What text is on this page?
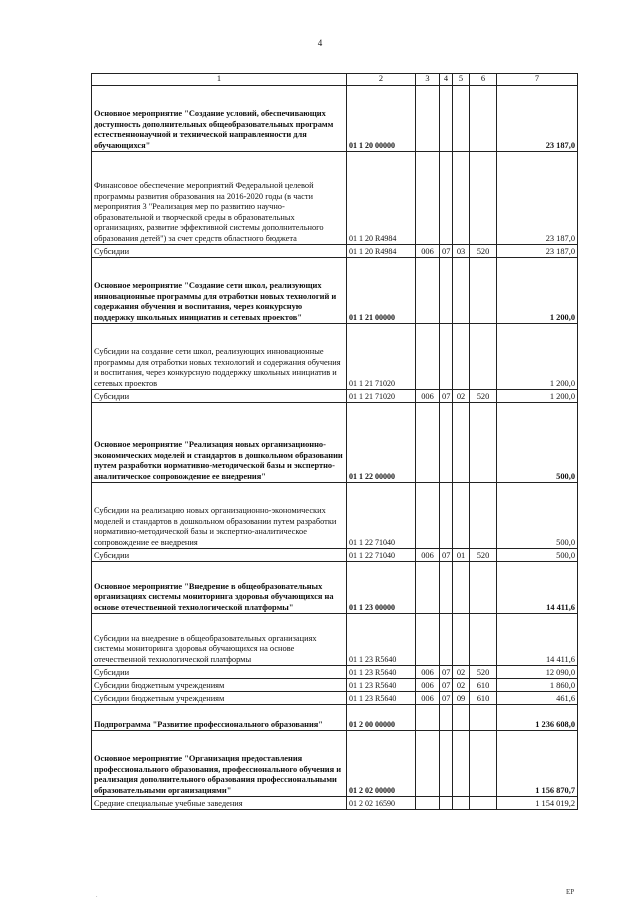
4
1	2	3	4	5	6	7
Основное мероприятие "Создание условий, обеспечивающих доступность дополнительных общеобразовательных программ естественнонаучной и технической направленности для обучающихся"	01 1 20 00000					23 187,0
Финансовое обеспечение мероприятий Федеральной целевой программы развития образования на 2016-2020 годы (в части мероприятия 3 "Реализация мер по развитию научно-образовательной и творческой среды в образовательных организациях, развитие эффективной системы дополнительного образования детей") за счет средств областного бюджета	01 1 20 R4984					23 187,0
Субсидии	01 1 20 R4984	006	07	03	520	23 187,0
Основное мероприятие "Создание сети школ, реализующих инновационные программы для отработки новых технологий и содержания обучения и воспитания, через конкурсную поддержку школьных инициатив и сетевых проектов"	01 1 21 00000					1 200,0
Субсидии на создание сети школ, реализующих инновационные программы для отработки новых технологий и содержания обучения и воспитания, через конкурсную поддержку школьных инициатив и сетевых проектов	01 1 21 71020					1 200,0
Субсидии	01 1 21 71020	006	07	02	520	1 200,0
Основное мероприятие "Реализация новых организационно-экономических моделей и стандартов в дошкольном образовании путем разработки нормативно-методической базы и экспертно-аналитическое сопровождение ее внедрения"	01 1 22 00000					500,0
Субсидии на реализацию новых организационно-экономических моделей и стандартов в дошкольном образовании путем разработки нормативно-методической базы и экспертно-аналитическое сопровождение ее внедрения	01 1 22 71040					500,0
Субсидии	01 1 22 71040	006	07	01	520	500,0
Основное мероприятие "Внедрение в общеобразовательных организациях системы мониторинга здоровья обучающихся на основе отечественной технологической платформы"	01 1 23 00000					14 411,6
Субсидии на внедрение в общеобразовательных организациях системы мониторинга здоровья обучающихся на основе отечественной технологической платформы	01 1 23 R5640					14 411,6
Субсидии	01 1 23 R5640	006	07	02	520	12 090,0
Субсидии бюджетным учреждениям	01 1 23 R5640	006	07	02	610	1 860,0
Субсидии бюджетным учреждениям	01 1 23 R5640	006	07	09	610	461,6
Подпрограмма "Развитие профессионального образования"	01 2 00 00000					1 236 608,0
Основное мероприятие "Организация предоставления профессионального образования, профессионального обучения и реализация дополнительного образования профессиональными образовательными организациями"	01 2 02 00000					1 156 870,7
Средние специальные учебные заведения	01 2 02 16590					1 154 019,2
.	ЕР
